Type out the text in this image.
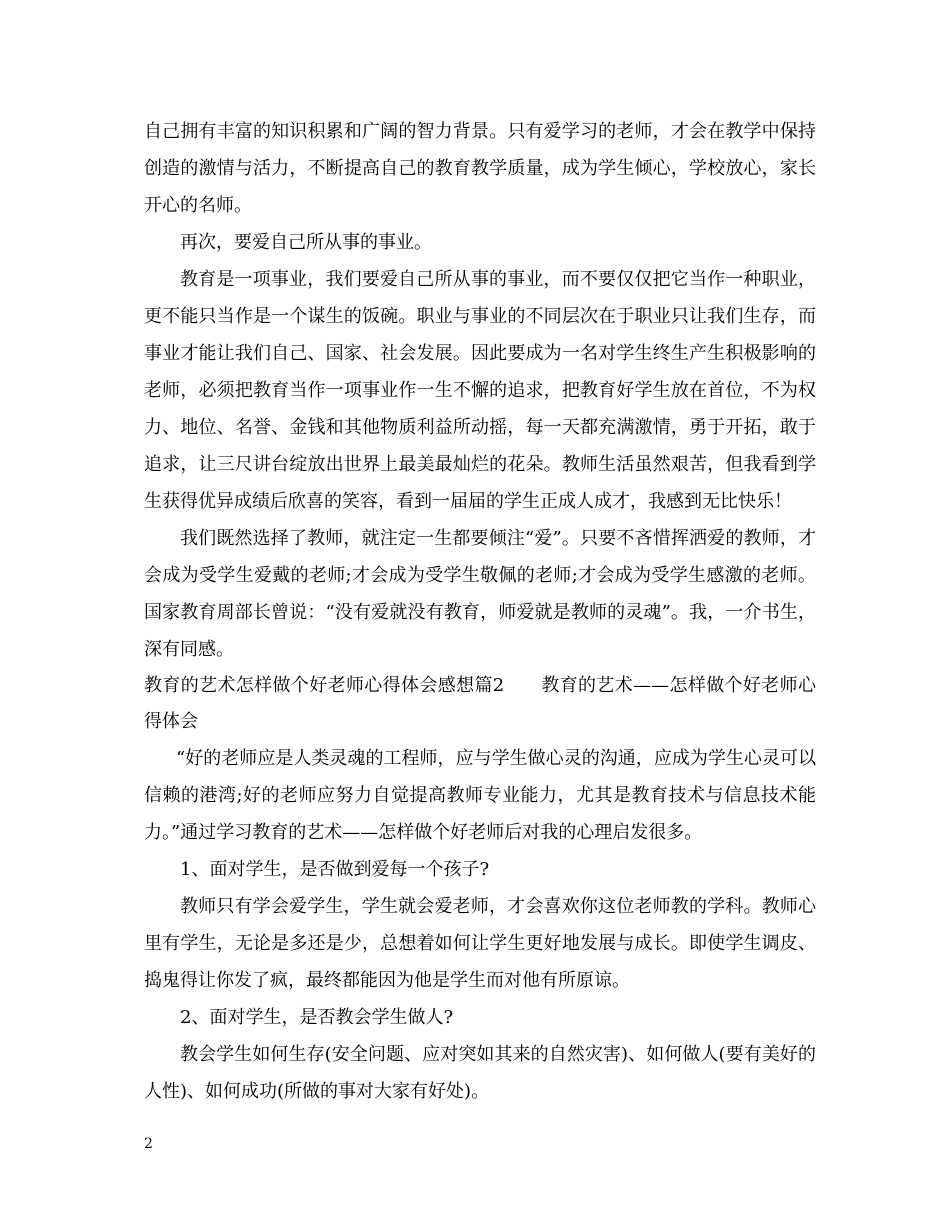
自己拥有丰富的知识积累和广阔的智力背景。只有爱学习的老师，才会在教学中保持创造的激情与活力，不断提高自己的教育教学质量，成为学生倾心，学校放心，家长开心的名师。

再次，要爱自己所从事的事业。

教育是一项事业，我们要爱自己所从事的事业，而不要仅仅把它当作一种职业，更不能只当作是一个谋生的饭碗。职业与事业的不同层次在于职业只让我们生存，而事业才能让我们自己、国家、社会发展。因此要成为一名对学生终生产生积极影响的老师，必须把教育当作一项事业作一生不懈的追求，把教育好学生放在首位，不为权力、地位、名誉、金钱和其他物质利益所动摇，每一天都充满激情，勇于开拓，敢于追求，让三尺讲台绽放出世界上最美最灿烂的花朵。教师生活虽然艰苦，但我看到学生获得优异成绩后欣喜的笑容，看到一届届的学生正成人成才，我感到无比快乐！

我们既然选择了教师，就注定一生都要倾注“爱”。只要不吝惜挥洒爱的教师，才会成为受学生爱戴的老师;才会成为受学生敬佩的老师;才会成为受学生感激的老师。国家教育周部长曾说：“没有爱就没有教育，师爱就是教师的灵魂”。我，一介书生，深有同感。

教育的艺术怎样做个好老师心得体会感想篇2　　教育的艺术——怎样做个好老师心得体会

“好的老师应是人类灵魂的工程师，应与学生做心灵的沟通，应成为学生心灵可以信赖的港湾;好的老师应努力自觉提高教师专业能力，尤其是教育技术与信息技术能力。”通过学习教育的艺术——怎样做个好老师后对我的心理启发很多。

1、面对学生，是否做到爱每一个孩子?

教师只有学会爱学生，学生就会爱老师，才会喜欢你这位老师教的学科。教师心里有学生，无论是多还是少，总想着如何让学生更好地发展与成长。即使学生调皮、捣鬼得让你发了疯，最终都能因为他是学生而对他有所原谅。

2、面对学生，是否教会学生做人?

教会学生如何生存(安全问题、应对突如其来的自然灾害)、如何做人(要有美好的人性)、如何成功(所做的事对大家有好处)。

2
